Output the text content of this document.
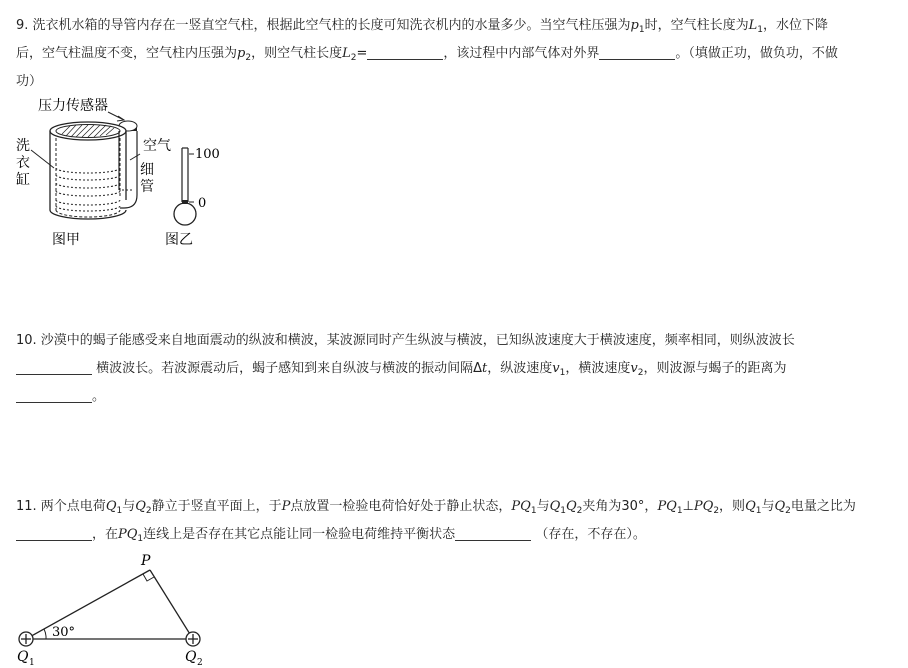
9. 洗衣机水箱的导管内存在一竖直空气柱，根据此空气柱的长度可知洗衣机内的水量多少。当空气柱压强为$p_1$时，空气柱长度为$L_1$，水位下降
后，空气柱温度不变，空气柱内压强为$p_2$，则空气柱长度$L_2=$	，该过程中内部气体对外界	。（填做正功，做负功，不做
功）
压力传感器
洗
衣
缸
空气
细
管
100
0
图甲	图乙
10. 沙漠中的蝎子能感受来自地面震动的纵波和横波，某波源同时产生纵波与横波，已知纵波速度大于横波速度，频率相同，则纵波波长
横波波长。若波源震动后，蝎子感知到来自纵波与横波的振动间隔Δt，纵波速度$v_1$，横波速度$v_2$，则波源与蝎子的距离为
。
11. 两个点电荷$Q_1$与$Q_2$静立于竖直平面上，于P点放置一检验电荷恰好处于静止状态，$PQ_1$与$Q_1Q_2$夹角为30°，$PQ_1\perp PQ_2$，则$Q_1$与$Q_2$电量之比为
，在$PQ_1$连线上是否存在其它点能让同一检验电荷维持平衡状态	（存在，不存在）。
30°
P
Q 1	Q 2
